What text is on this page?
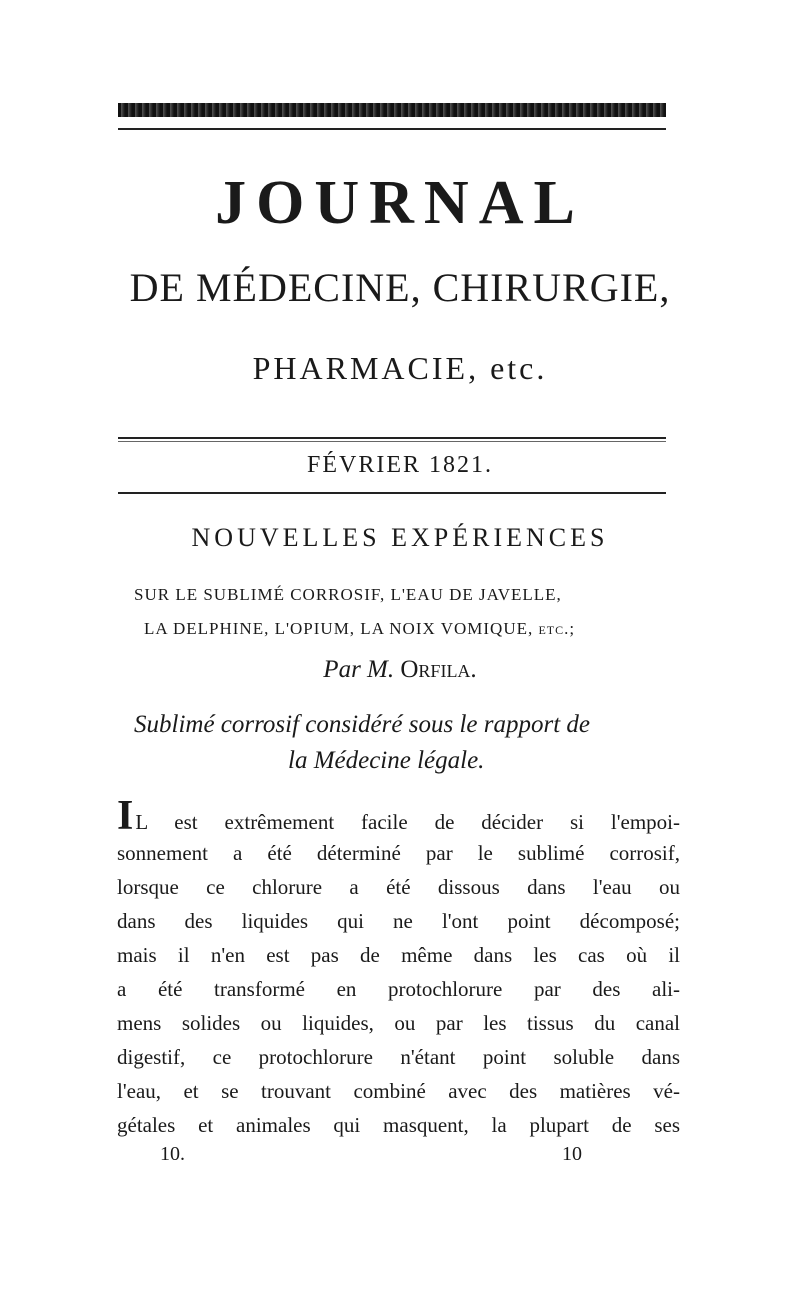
JOURNAL
DE MÉDECINE, CHIRURGIE,
PHARMACIE, etc.
FÉVRIER 1821.
NOUVELLES EXPÉRIENCES
SUR LE SUBLIMÉ CORROSIF, L'EAU DE JAVELLE,
LA DELPHINE, L'OPIUM, LA NOIX VOMIQUE, etc.;
Par M. Orfila.
Sublimé corrosif considéré sous le rapport de
la Médecine légale.
IL est extrêmement facile de décider si l'empoi-
sonnement a été déterminé par le sublimé corrosif,
lorsque ce chlorure a été dissous dans l'eau ou
dans des liquides qui ne l'ont point décomposé;
mais il n'en est pas de même dans les cas où il
a été transformé en protochlorure par des ali-
mens solides ou liquides, ou par les tissus du canal
digestif, ce protochlorure n'étant point soluble dans
l'eau, et se trouvant combiné avec des matières vé-
gétales et animales qui masquent, la plupart de ses
10.	10
